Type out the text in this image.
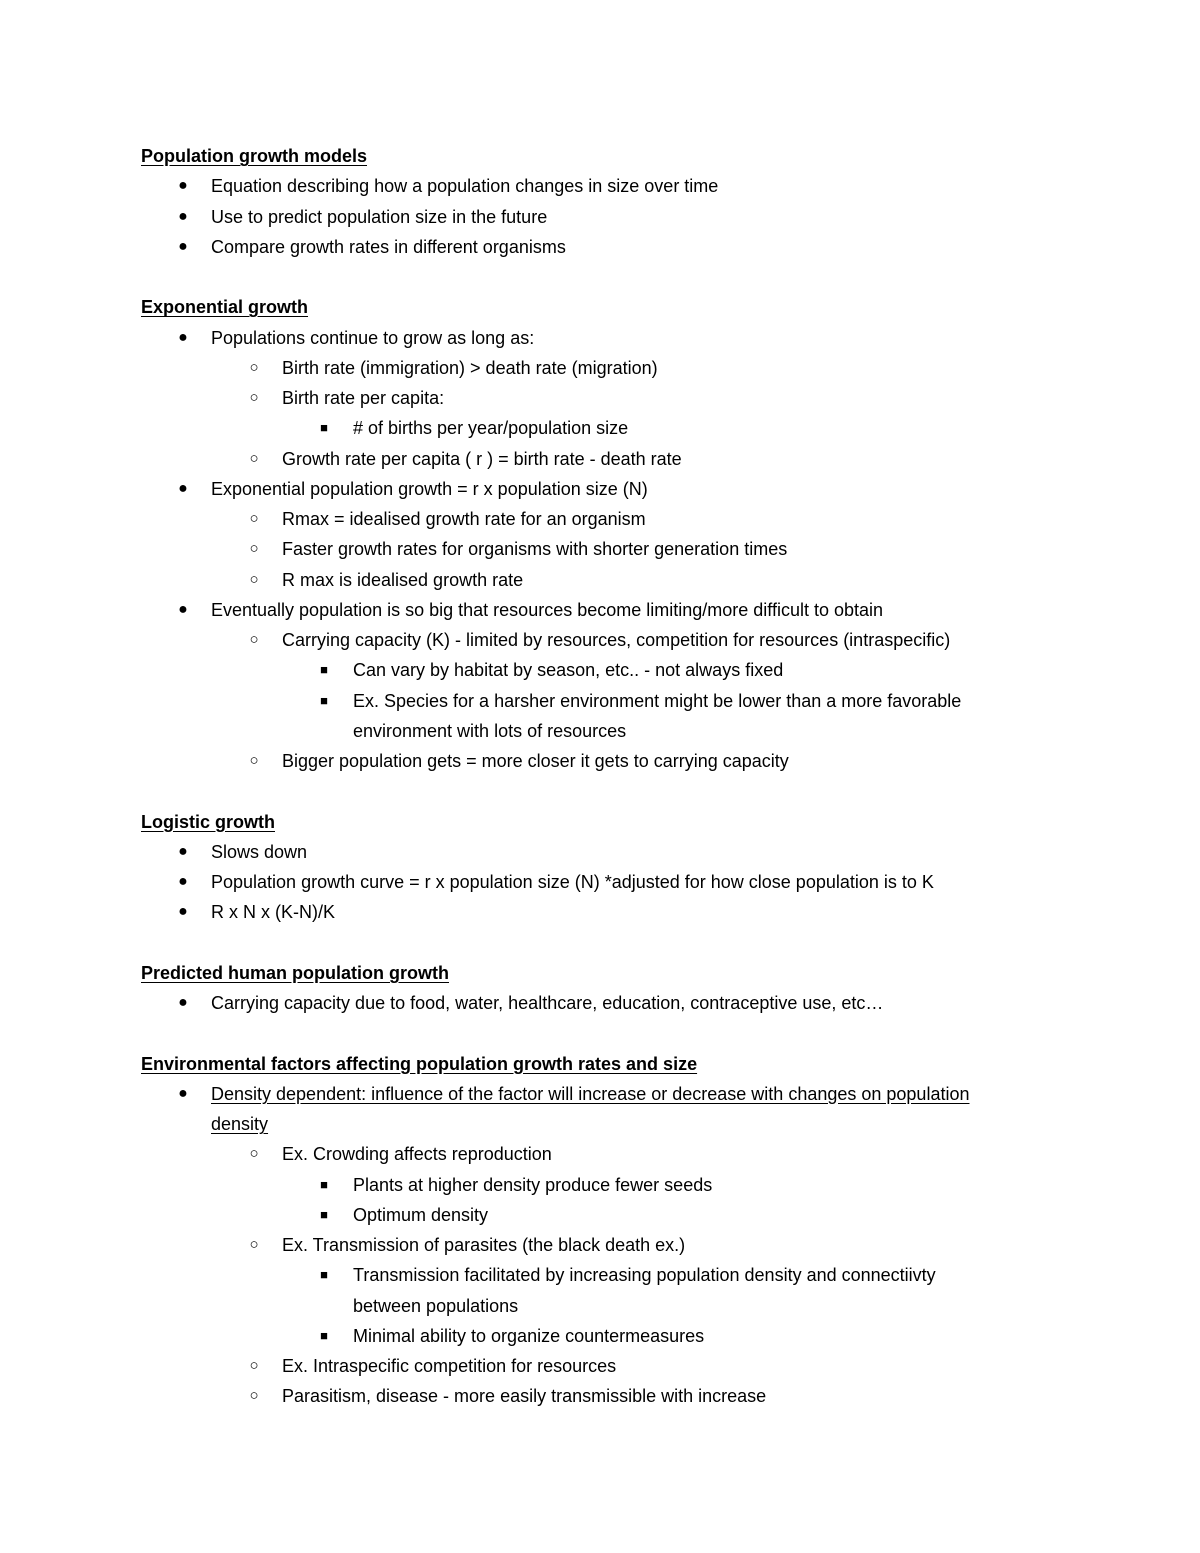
Population growth models
●	Equation describing how a population changes in size over time
●	Use to predict population size in the future
●	Compare growth rates in different organisms
Exponential growth
●	Populations continue to grow as long as:
○	Birth rate (immigration) > death rate (migration)
○	Birth rate per capita:
■	# of births per year/population size
○	Growth rate per capita ( r ) = birth rate - death rate
●	Exponential population growth = r x population size (N)
○	Rmax = idealised growth rate for an organism
○	Faster growth rates for organisms with shorter generation times
○	R max is idealised growth rate
●	Eventually population is so big that resources become limiting/more difficult to obtain
○	Carrying capacity (K) - limited by resources, competition for resources (intraspecific)
■	Can vary by habitat by season, etc.. - not always fixed
■	Ex. Species for a harsher environment might be lower than a more favorable
environment with lots of resources
○	Bigger population gets = more closer it gets to carrying capacity
Logistic growth
●	Slows down
●	Population growth curve = r x population size (N) *adjusted for how close population is to K
●	R x N x (K-N)/K
Predicted human population growth
●	Carrying capacity due to food, water, healthcare, education, contraceptive use, etc…
Environmental factors affecting population growth rates and size
●	Density dependent: influence of the factor will increase or decrease with changes on population
density
○	Ex. Crowding affects reproduction
■	Plants at higher density produce fewer seeds
■	Optimum density
○	Ex. Transmission of parasites (the black death ex.)
■	Transmission facilitated by increasing population density and connectiivty
between populations
■	Minimal ability to organize countermeasures
○	Ex. Intraspecific competition for resources
○	Parasitism, disease - more easily transmissible with increase
